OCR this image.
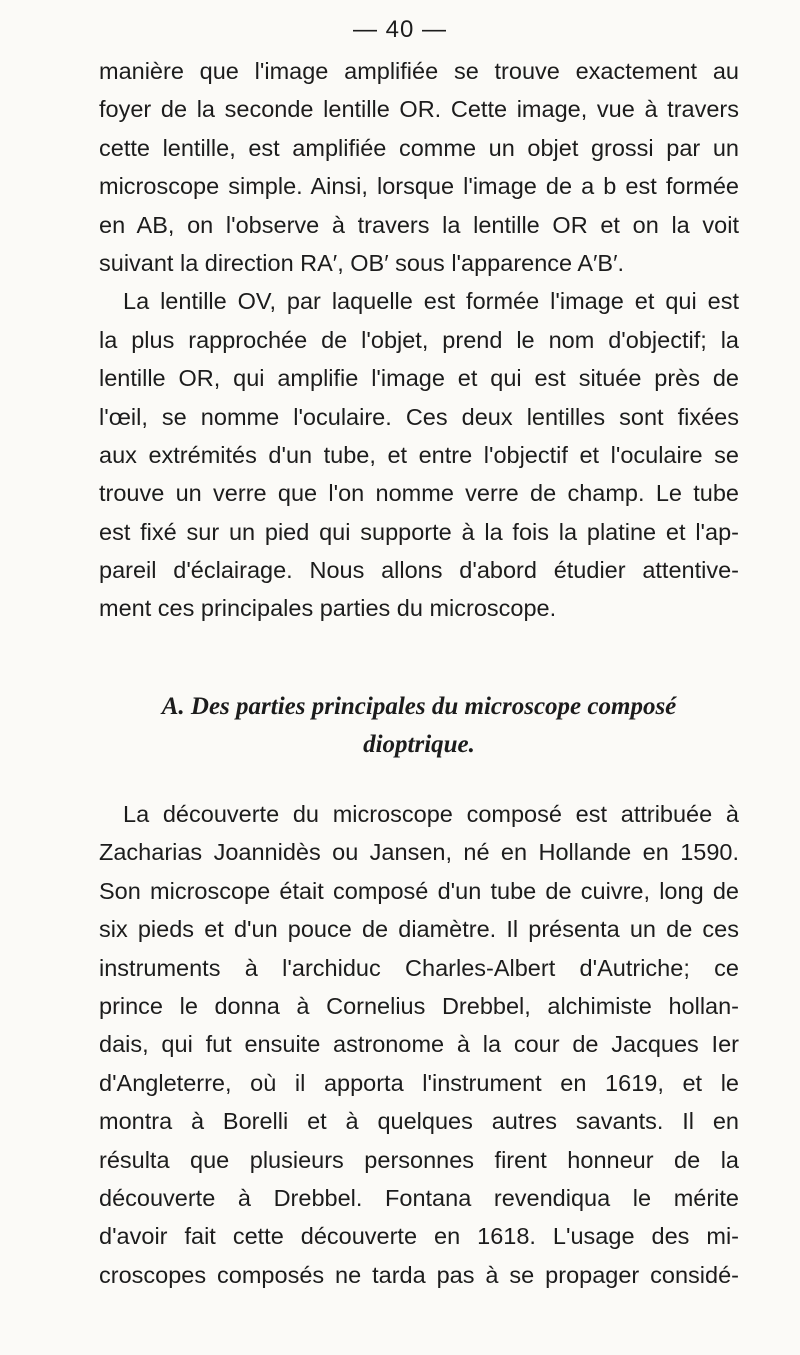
— 40 —
manière que l'image amplifiée se trouve exactement au
foyer de la seconde lentille OR. Cette image, vue à travers
cette lentille, est amplifiée comme un objet grossi par un
microscope simple. Ainsi, lorsque l'image de a b est formée
en AB, on l'observe à travers la lentille OR et on la voit
suivant la direction RA′, OB′ sous l'apparence A′B′.
La lentille OV, par laquelle est formée l'image et qui est
la plus rapprochée de l'objet, prend le nom d'objectif; la
lentille OR, qui amplifie l'image et qui est située près de
l'œil, se nomme l'oculaire. Ces deux lentilles sont fixées
aux extrémités d'un tube, et entre l'objectif et l'oculaire se
trouve un verre que l'on nomme verre de champ. Le tube
est fixé sur un pied qui supporte à la fois la platine et l'ap-
pareil d'éclairage. Nous allons d'abord étudier attentive-
ment ces principales parties du microscope.
A. Des parties principales du microscope composé
dioptrique.
La découverte du microscope composé est attribuée à
Zacharias Joannidès ou Jansen, né en Hollande en 1590.
Son microscope était composé d'un tube de cuivre, long de
six pieds et d'un pouce de diamètre. Il présenta un de ces
instruments à l'archiduc Charles-Albert d'Autriche; ce
prince le donna à Cornelius Drebbel, alchimiste hollan-
dais, qui fut ensuite astronome à la cour de Jacques Ier
d'Angleterre, où il apporta l'instrument en 1619, et le
montra à Borelli et à quelques autres savants. Il en
résulta que plusieurs personnes firent honneur de la
découverte à Drebbel. Fontana revendiqua le mérite
d'avoir fait cette découverte en 1618. L'usage des mi-
croscopes composés ne tarda pas à se propager considé-
